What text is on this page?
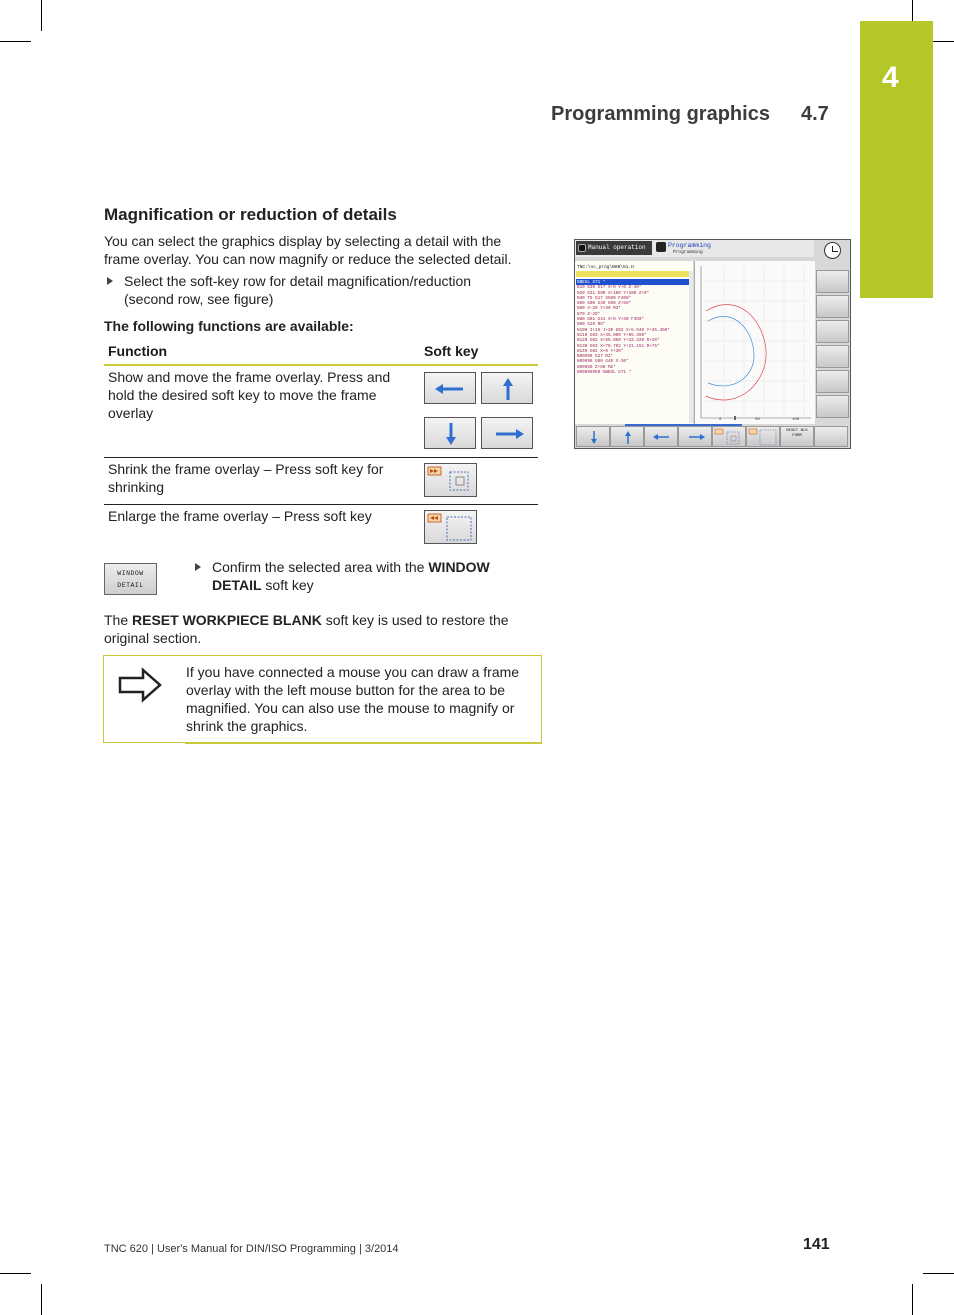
4
Programming graphics 4.7
Magnification or reduction of details
You can select the graphics display by selecting a detail with the frame overlay. You can now magnify or reduce the selected detail.
Select the soft-key row for detail magnification/reduction (second row, see figure)
The following functions are available:
Function	Soft key
Show and move the frame overlay. Press and hold the desired soft key to move the frame overlay
Shrink the frame overlay – Press soft key for shrinking
Enlarge the frame overlay – Press soft key
WINDOW
DETAIL
Confirm the selected area with the WINDOW DETAIL soft key
The RESET WORKPIECE BLANK soft key is used to restore the original section.
If you have connected a mouse you can draw a frame overlay with the left mouse button for the area to be magnified. You can also use the mouse to magnify or shrink the graphics.
Manual operation	Programming
Programming
TNC:\nc_prog\BHB\%1.H
%BEGL G71 *
N10 G30 G17 X+0 Y+0 Z-40*
N20 G31 G90 X+100 Y+100 Z+0*
N30 T5 G17 S500 F400*
N50 G00 G40 G90 Z+50*
N60 X-20 Y+30 M3*
N70 Z-20*
N80 G01 G41 X+0 Y+30 F350*
N90 G26 R5*
N100 I+15 J+20 G02 X+5.940 Y+35.450*
N110 G03 X+45.000 Y+65.450*
N120 G02 X+55.960 Y+33.320 R+20*
N130 G03 X+70.702 Y+21.151 R+75*
N140 G02 X+0 Y+30*
N99999 G27 R2*
N99990 G00 G40 X-30*
N99980 Z+50 M2*
N99999999 %BEGL G71 *
0	50	100
RESET BLK FORM
TNC 620 | User's Manual for DIN/ISO Programming | 3/2014	141
